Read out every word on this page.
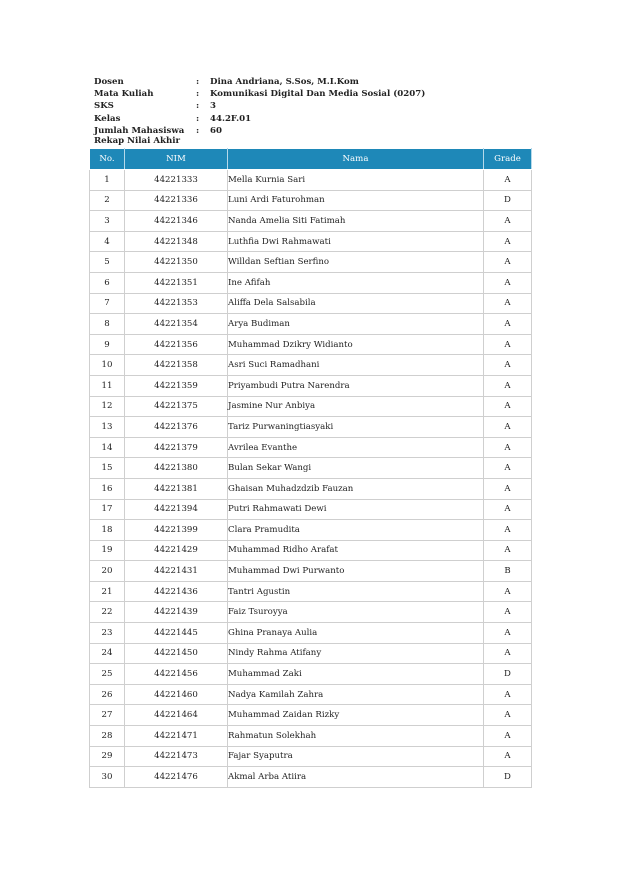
Dosen	:	Dina Andriana, S.Sos, M.I.Kom
Mata Kuliah	:	Komunikasi Digital Dan Media Sosial (0207)
SKS	:	3
Kelas	:	44.2F.01
Jumlah Mahasiswa	:	60
Rekap Nilai Akhir
No.	NIM	Nama	Grade
1	44221333	Mella Kurnia Sari	A
2	44221336	Luni Ardi Faturohman	D
3	44221346	Nanda Amelia Siti Fatimah	A
4	44221348	Luthfia Dwi Rahmawati	A
5	44221350	Willdan Seftian Serfino	A
6	44221351	Ine Afifah	A
7	44221353	Aliffa Dela Salsabila	A
8	44221354	Arya Budiman	A
9	44221356	Muhammad Dzikry Widianto	A
10	44221358	Asri Suci Ramadhani	A
11	44221359	Priyambudi Putra Narendra	A
12	44221375	Jasmine Nur Anbiya	A
13	44221376	Tariz Purwaningtiasyaki	A
14	44221379	Avrilea Evanthe	A
15	44221380	Bulan Sekar Wangi	A
16	44221381	Ghaisan Muhadzdzib Fauzan	A
17	44221394	Putri Rahmawati Dewi	A
18	44221399	Clara Pramudita	A
19	44221429	Muhammad Ridho Arafat	A
20	44221431	Muhammad Dwi Purwanto	B
21	44221436	Tantri Agustin	A
22	44221439	Faiz Tsuroyya	A
23	44221445	Ghina Pranaya Aulia	A
24	44221450	Nindy Rahma Atifany	A
25	44221456	Muhammad Zaki	D
26	44221460	Nadya Kamilah Zahra	A
27	44221464	Muhammad Zaidan Rizky	A
28	44221471	Rahmatun Solekhah	A
29	44221473	Fajar Syaputra	A
30	44221476	Akmal Arba Atiira	D
